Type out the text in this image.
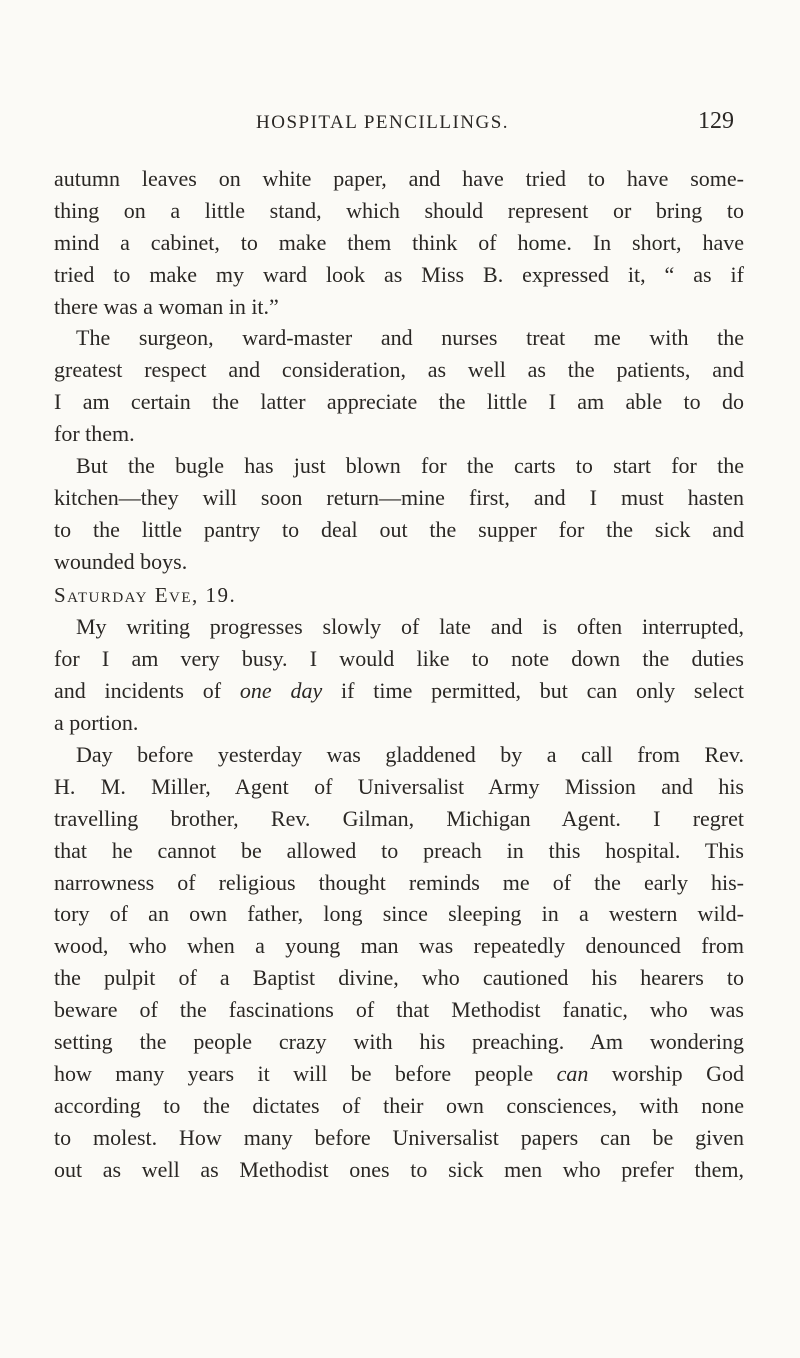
HOSPITAL PENCILLINGS.	129
autumn leaves on white paper, and have tried to have some-
thing on a little stand, which should represent or bring to
mind a cabinet, to make them think of home. In short, have
tried to make my ward look as Miss B. expressed it, “ as if
there was a woman in it.”
The surgeon, ward-master and nurses treat me with the
greatest respect and consideration, as well as the patients, and
I am certain the latter appreciate the little I am able to do
for them.
But the bugle has just blown for the carts to start for the
kitchen—they will soon return—mine first, and I must hasten
to the little pantry to deal out the supper for the sick and
wounded boys.
Saturday Eve, 19.
My writing progresses slowly of late and is often interrupted,
for I am very busy. I would like to note down the duties
and incidents of one day if time permitted, but can only select
a portion.
Day before yesterday was gladdened by a call from Rev.
H. M. Miller, Agent of Universalist Army Mission and his
travelling brother, Rev. Gilman, Michigan Agent. I regret
that he cannot be allowed to preach in this hospital. This
narrowness of religious thought reminds me of the early his-
tory of an own father, long since sleeping in a western wild-
wood, who when a young man was repeatedly denounced from
the pulpit of a Baptist divine, who cautioned his hearers to
beware of the fascinations of that Methodist fanatic, who was
setting the people crazy with his preaching. Am wondering
how many years it will be before people can worship God
according to the dictates of their own consciences, with none
to molest. How many before Universalist papers can be given
out as well as Methodist ones to sick men who prefer them,
